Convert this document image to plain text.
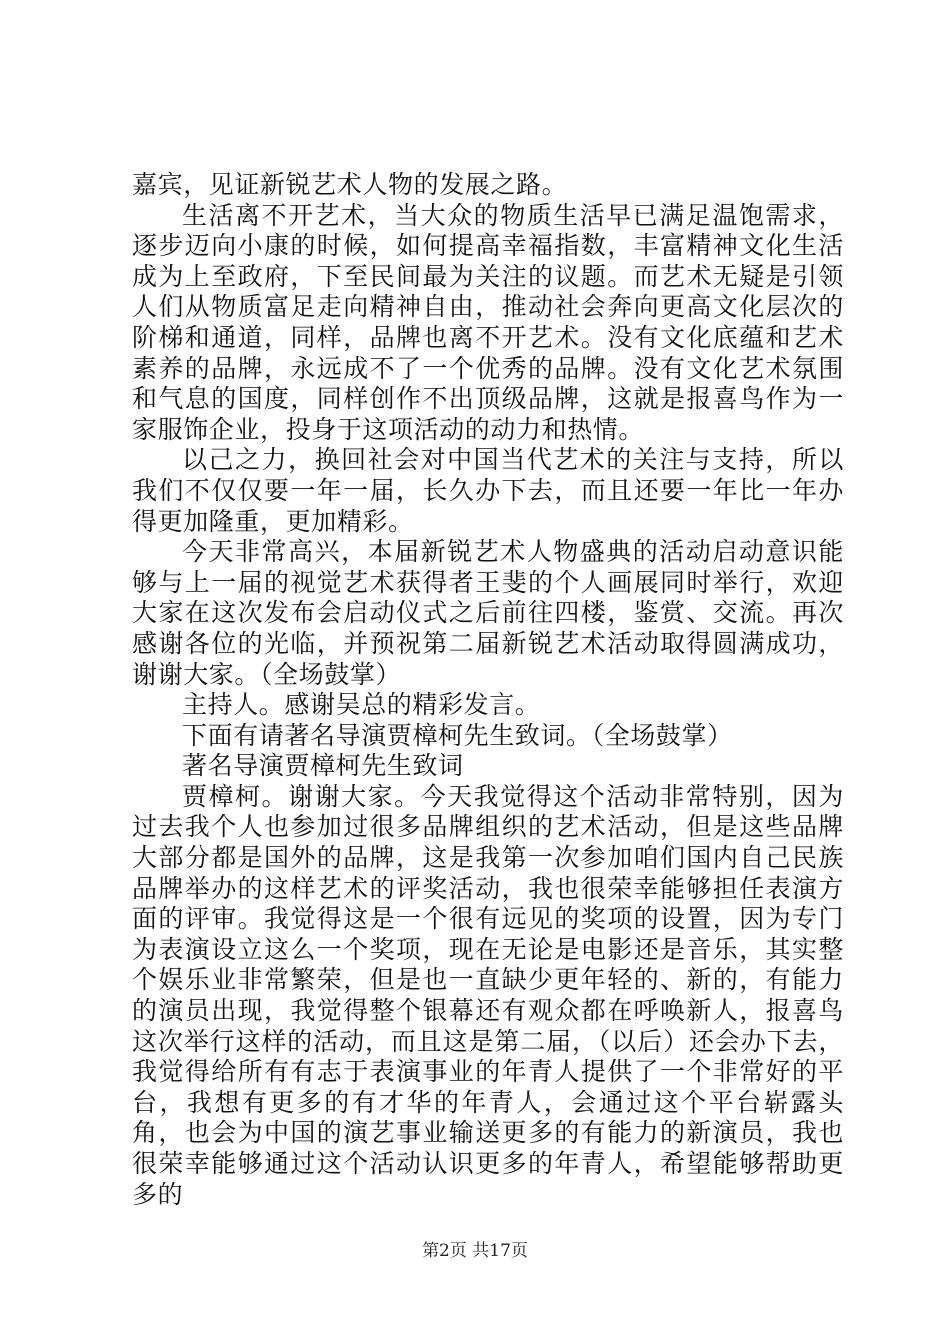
嘉宾，见证新锐艺术人物的发展之路。

生活离不开艺术，当大众的物质生活早已满足温饱需求，逐步迈向小康的时候，如何提高幸福指数，丰富精神文化生活成为上至政府，下至民间最为关注的议题。而艺术无疑是引领人们从物质富足走向精神自由，推动社会奔向更高文化层次的阶梯和通道，同样，品牌也离不开艺术。没有文化底蕴和艺术素养的品牌，永远成不了一个优秀的品牌。没有文化艺术氛围和气息的国度，同样创作不出顶级品牌，这就是报喜鸟作为一家服饰企业，投身于这项活动的动力和热情。

以己之力，换回社会对中国当代艺术的关注与支持，所以我们不仅仅要一年一届，长久办下去，而且还要一年比一年办得更加隆重，更加精彩。

今天非常高兴，本届新锐艺术人物盛典的活动启动意识能够与上一届的视觉艺术获得者王斐的个人画展同时举行，欢迎大家在这次发布会启动仪式之后前往四楼，鉴赏、交流。再次感谢各位的光临，并预祝第二届新锐艺术活动取得圆满成功，谢谢大家。（全场鼓掌）

主持人。感谢吴总的精彩发言。

下面有请著名导演贾樟柯先生致词。（全场鼓掌）

著名导演贾樟柯先生致词

贾樟柯。谢谢大家。今天我觉得这个活动非常特别，因为过去我个人也参加过很多品牌组织的艺术活动，但是这些品牌大部分都是国外的品牌，这是我第一次参加咱们国内自己民族品牌举办的这样艺术的评奖活动，我也很荣幸能够担任表演方面的评审。我觉得这是一个很有远见的奖项的设置，因为专门为表演设立这么一个奖项，现在无论是电影还是音乐，其实整个娱乐业非常繁荣，但是也一直缺少更年轻的、新的，有能力的演员出现，我觉得整个银幕还有观众都在呼唤新人，报喜鸟这次举行这样的活动，而且这是第二届，（以后）还会办下去，我觉得给所有有志于表演事业的年青人提供了一个非常好的平台，我想有更多的有才华的年青人，会通过这个平台崭露头角，也会为中国的演艺事业输送更多的有能力的新演员，我也很荣幸能够通过这个活动认识更多的年青人，希望能够帮助更多的

第2页 共17页
